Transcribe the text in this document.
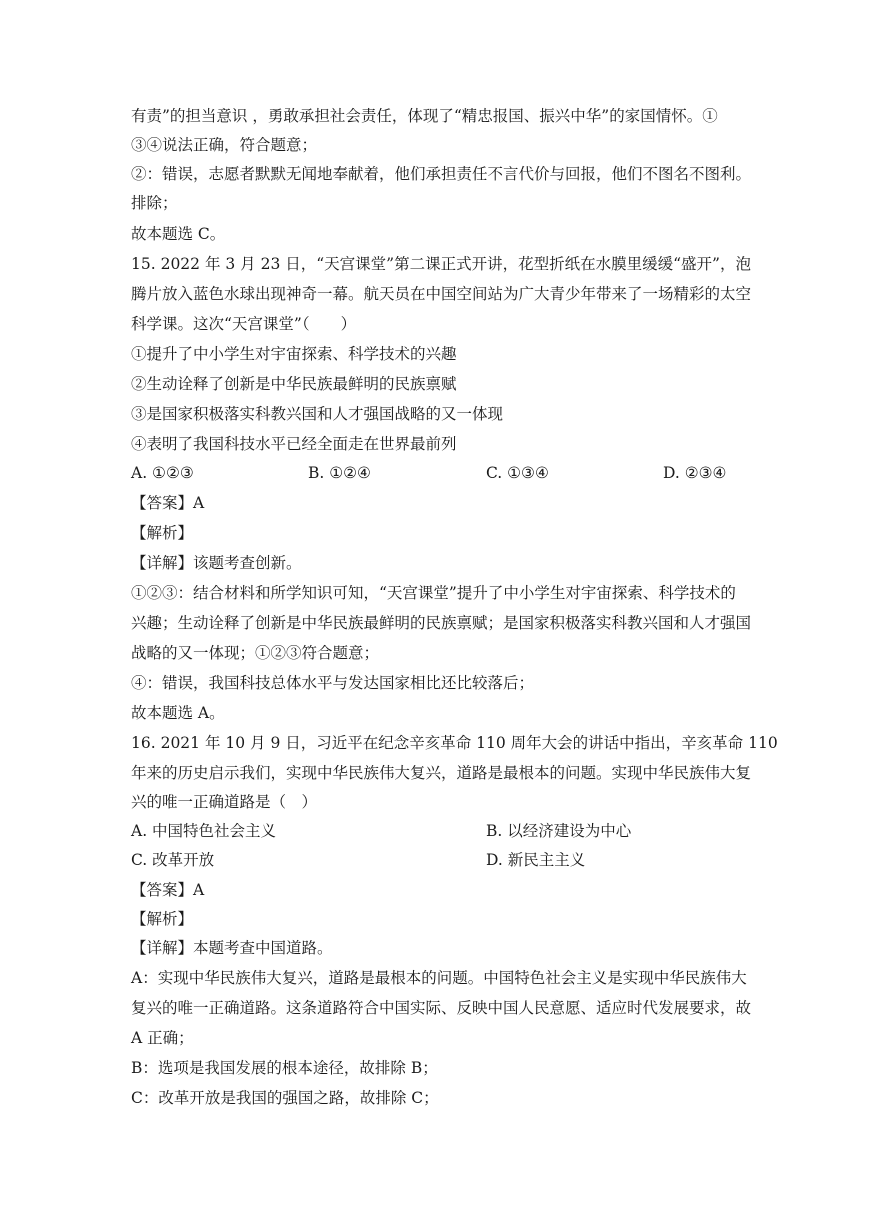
有责”的担当意识 ，勇敢承担社会责任，体现了“精忠报国、振兴中华”的家国情怀。①
③④说法正确，符合题意；
②：错误，志愿者默默无闻地奉献着，他们承担责任不言代价与回报，他们不图名不图利。
排除；
故本题选 C。
15. 2022 年 3 月 23 日，“天宫课堂”第二课正式开讲，花型折纸在水膜里缓缓“盛开”，泡
腾片放入蓝色水球出现神奇一幕。航天员在中国空间站为广大青少年带来了一场精彩的太空
科学课。这次“天宫课堂”（　　）
①提升了中小学生对宇宙探索、科学技术的兴趣
②生动诠释了创新是中华民族最鲜明的民族禀赋
③是国家积极落实科教兴国和人才强国战略的又一体现
④表明了我国科技水平已经全面走在世界最前列
A. ①②③	B. ①②④	C. ①③④	D. ②③④
【答案】A
【解析】
【详解】该题考查创新。
①②③：结合材料和所学知识可知，“天宫课堂”提升了中小学生对宇宙探索、科学技术的
兴趣；生动诠释了创新是中华民族最鲜明的民族禀赋；是国家积极落实科教兴国和人才强国
战略的又一体现；①②③符合题意；
④：错误，我国科技总体水平与发达国家相比还比较落后；
故本题选 A。
16. 2021 年 10 月 9 日，习近平在纪念辛亥革命 110 周年大会的讲话中指出，辛亥革命 110
年来的历史启示我们，实现中华民族伟大复兴，道路是最根本的问题。实现中华民族伟大复
兴的唯一正确道路是（　）
A. 中国特色社会主义	B. 以经济建设为中心
C. 改革开放	D. 新民主主义
【答案】A
【解析】
【详解】本题考查中国道路。
A：实现中华民族伟大复兴，道路是最根本的问题。中国特色社会主义是实现中华民族伟大
复兴的唯一正确道路。这条道路符合中国实际、反映中国人民意愿、适应时代发展要求，故
A 正确；
B：选项是我国发展的根本途径，故排除 B；
C：改革开放是我国的强国之路，故排除 C；
